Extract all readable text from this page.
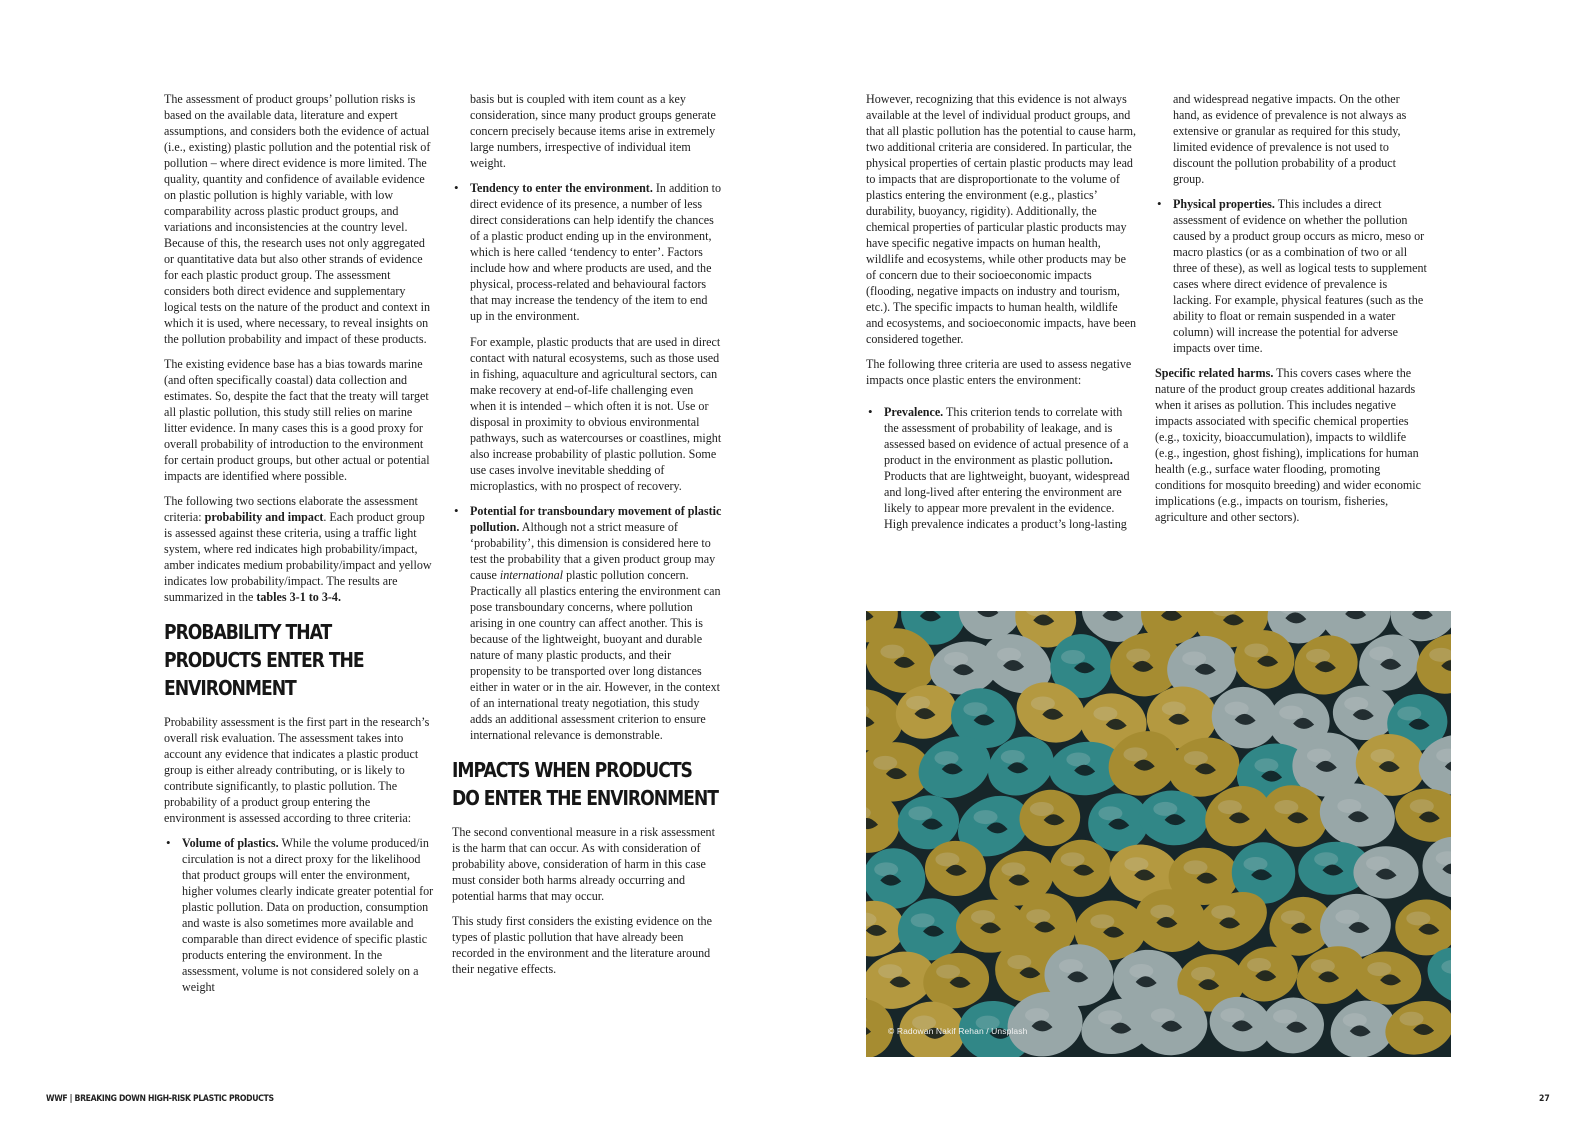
The assessment of product groups’ pollution risks is based on the available data, literature and expert assumptions, and considers both the evidence of actual (i.e., existing) plastic pollution and the potential risk of pollution – where direct evidence is more limited. The quality, quantity and confidence of available evidence on plastic pollution is highly variable, with low comparability across plastic product groups, and variations and inconsistencies at the country level. Because of this, the research uses not only aggregated or quantitative data but also other strands of evidence for each plastic product group. The assessment considers both direct evidence and supplementary logical tests on the nature of the product and context in which it is used, where necessary, to reveal insights on the pollution probability and impact of these products.

The existing evidence base has a bias towards marine (and often specifically coastal) data collection and estimates. So, despite the fact that the treaty will target all plastic pollution, this study still relies on marine litter evidence. In many cases this is a good proxy for overall probability of introduction to the environment for certain product groups, but other actual or potential impacts are identified where possible.

The following two sections elaborate the assessment criteria: probability and impact. Each product group is assessed against these criteria, using a traffic light system, where red indicates high probability/impact, amber indicates medium probability/impact and yellow indicates low probability/impact. The results are summarized in the tables 3-1 to 3-4.

PROBABILITY THAT PRODUCTS ENTER THE ENVIRONMENT

Probability assessment is the first part in the research’s overall risk evaluation. The assessment takes into account any evidence that indicates a plastic product group is either already contributing, or is likely to contribute significantly, to plastic pollution. The probability of a product group entering the environment is assessed according to three criteria:

• Volume of plastics. While the volume produced/in circulation is not a direct proxy for the likelihood that product groups will enter the environment, higher volumes clearly indicate greater potential for plastic pollution. Data on production, consumption and waste is also sometimes more available and comparable than direct evidence of specific plastic products entering the environment. In the assessment, volume is not considered solely on a weight

basis but is coupled with item count as a key consideration, since many product groups generate concern precisely because items arise in extremely large numbers, irrespective of individual item weight.

• Tendency to enter the environment. In addition to direct evidence of its presence, a number of less direct considerations can help identify the chances of a plastic product ending up in the environment, which is here called ‘tendency to enter’. Factors include how and where products are used, and the physical, process-related and behavioural factors that may increase the tendency of the item to end up in the environment.
For example, plastic products that are used in direct contact with natural ecosystems, such as those used in fishing, aquaculture and agricultural sectors, can make recovery at end-of-life challenging even when it is intended – which often it is not. Use or disposal in proximity to obvious environmental pathways, such as watercourses or coastlines, might also increase probability of plastic pollution. Some use cases involve inevitable shedding of microplastics, with no prospect of recovery.
• Potential for transboundary movement of plastic pollution. Although not a strict measure of ‘probability’, this dimension is considered here to test the probability that a given product group may cause international plastic pollution concern. Practically all plastics entering the environment can pose transboundary concerns, where pollution arising in one country can affect another. This is because of the lightweight, buoyant and durable nature of many plastic products, and their propensity to be transported over long distances either in water or in the air. However, in the context of an international treaty negotiation, this study adds an additional assessment criterion to ensure international relevance is demonstrable.
IMPACTS WHEN PRODUCTS DO ENTER THE ENVIRONMENT

The second conventional measure in a risk assessment is the harm that can occur. As with consideration of probability above, consideration of harm in this case must consider both harms already occurring and potential harms that may occur.

This study first considers the existing evidence on the types of plastic pollution that have already been recorded in the environment and the literature around their negative effects.

However, recognizing that this evidence is not always available at the level of individual product groups, and that all plastic pollution has the potential to cause harm, two additional criteria are considered. In particular, the physical properties of certain plastic products may lead to impacts that are disproportionate to the volume of plastics entering the environment (e.g., plastics’ durability, buoyancy, rigidity). Additionally, the chemical properties of particular plastic products may have specific negative impacts on human health, wildlife and ecosystems, while other products may be of concern due to their socioeconomic impacts (flooding, negative impacts on industry and tourism, etc.). The specific impacts to human health, wildlife and ecosystems, and socioeconomic impacts, have been considered together.

The following three criteria are used to assess negative impacts once plastic enters the environment:

• Prevalence. This criterion tends to correlate with the assessment of probability of leakage, and is assessed based on evidence of actual presence of a product in the environment as plastic pollution. Products that are lightweight, buoyant, widespread and long-lived after entering the environment are likely to appear more prevalent in the evidence. High prevalence indicates a product’s long-lasting

and widespread negative impacts. On the other hand, as evidence of prevalence is not always as extensive or granular as required for this study, limited evidence of prevalence is not used to discount the pollution probability of a product group.

• Physical properties. This includes a direct assessment of evidence on whether the pollution caused by a product group occurs as micro, meso or macro plastics (or as a combination of two or all three of these), as well as logical tests to supplement cases where direct evidence of prevalence is lacking. For example, physical features (such as the ability to float or remain suspended in a water column) will increase the potential for adverse impacts over time.

Specific related harms. This covers cases where the nature of the product group creates additional hazards when it arises as pollution. This includes negative impacts associated with specific chemical properties (e.g., toxicity, bioaccumulation), impacts to wildlife (e.g., ingestion, ghost fishing), implications for human health (e.g., surface water flooding, promoting conditions for mosquito breeding) and wider economic implications (e.g., impacts on tourism, fisheries, agriculture and other sectors).

© Radowan Nakif Rehan / Unsplash
WWF | BREAKING DOWN HIGH-RISK PLASTIC PRODUCTS	27
